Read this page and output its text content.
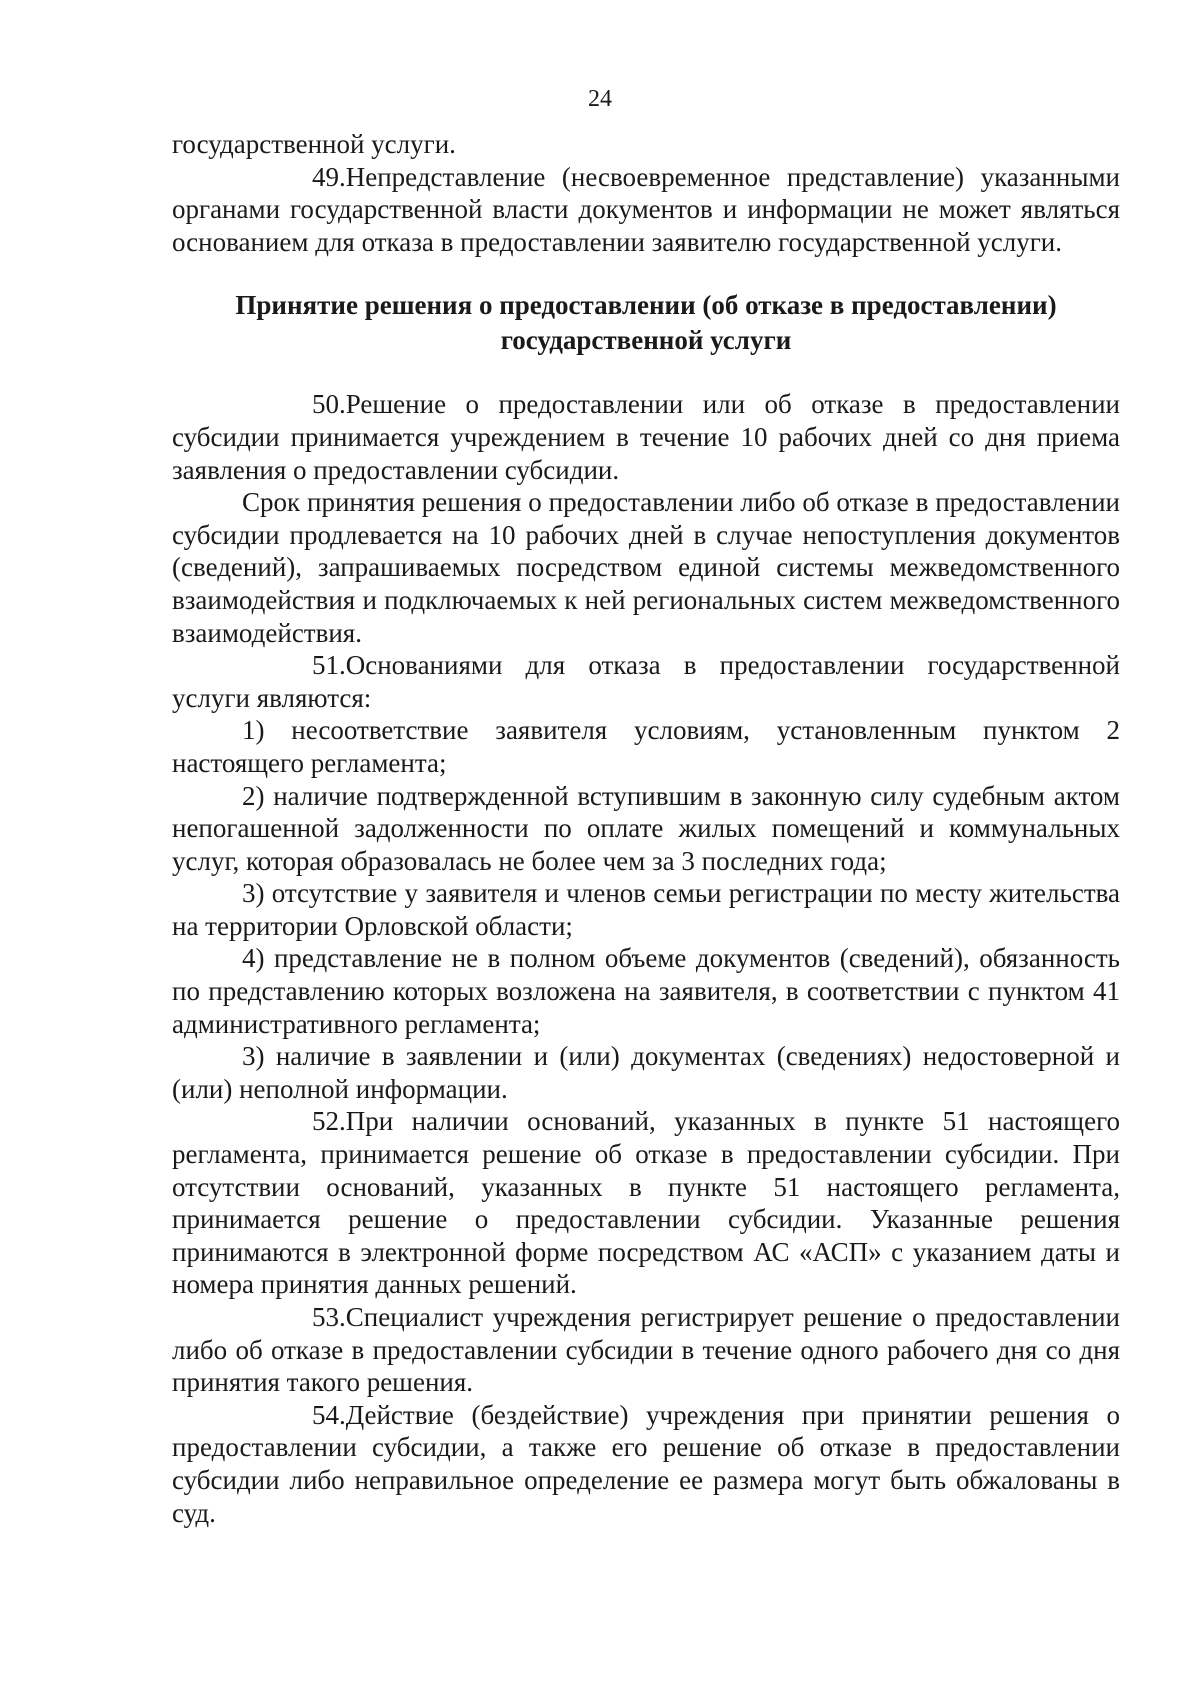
24

государственной услуги.

49.Непредставление (несвоевременное представление) указанными органами государственной власти документов и информации не может являться основанием для отказа в предоставлении заявителю государственной услуги.

Принятие решения о предоставлении (об отказе в предоставлении)
государственной услуги

50.Решение о предоставлении или об отказе в предоставлении субсидии принимается учреждением в течение 10 рабочих дней со дня приема заявления о предоставлении субсидии.

Срок принятия решения о предоставлении либо об отказе в предоставлении субсидии продлевается на 10 рабочих дней в случае непоступления документов (сведений), запрашиваемых посредством единой системы межведомственного взаимодействия и подключаемых к ней региональных систем межведомственного взаимодействия.

51.Основаниями для отказа в предоставлении государственной услуги являются:

1) несоответствие заявителя условиям, установленным пунктом 2 настоящего регламента;

2) наличие подтвержденной вступившим в законную силу судебным актом непогашенной задолженности по оплате жилых помещений и коммунальных услуг, которая образовалась не более чем за 3 последних года;

3) отсутствие у заявителя и членов семьи регистрации по месту жительства на территории Орловской области;

4) представление не в полном объеме документов (сведений), обязанность по представлению которых возложена на заявителя, в соответствии с пунктом 41 административного регламента;

3) наличие в заявлении и (или) документах (сведениях) недостоверной и (или) неполной информации.

52.При наличии оснований, указанных в пункте 51 настоящего регламента, принимается решение об отказе в предоставлении субсидии. При отсутствии оснований, указанных в пункте 51 настоящего регламента, принимается решение о предоставлении субсидии. Указанные решения принимаются в электронной форме посредством АС «АСП» с указанием даты и номера принятия данных решений.

53.Специалист учреждения регистрирует решение о предоставлении либо об отказе в предоставлении субсидии в течение одного рабочего дня со дня принятия такого решения.

54.Действие (бездействие) учреждения при принятии решения о предоставлении субсидии, а также его решение об отказе в предоставлении субсидии либо неправильное определение ее размера могут быть обжалованы в суд.
